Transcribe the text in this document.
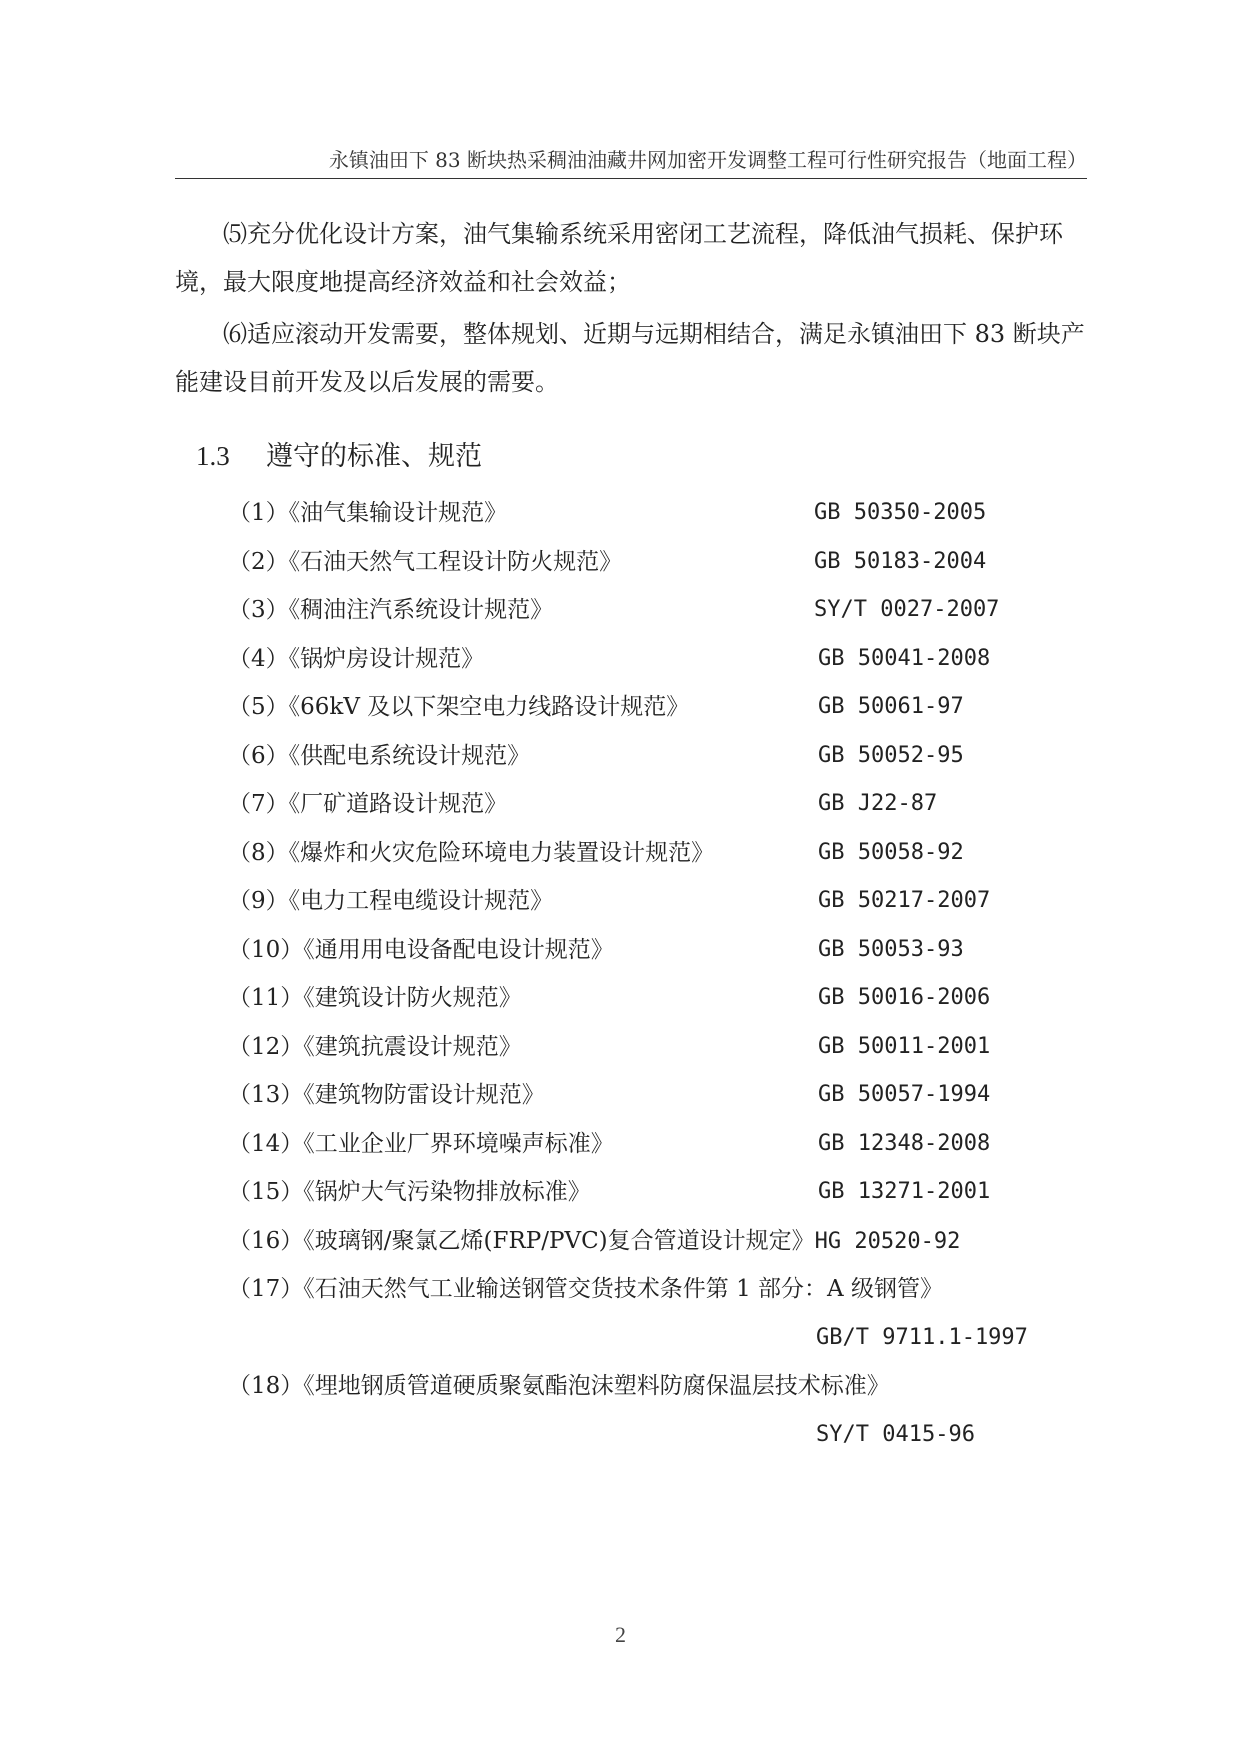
永镇油田下 83 断块热采稠油油藏井网加密开发调整工程可行性研究报告（地面工程）

⑸充分优化设计方案，油气集输系统采用密闭工艺流程，降低油气损耗、保护环境，最大限度地提高经济效益和社会效益；

⑹适应滚动开发需要，整体规划、近期与远期相结合，满足永镇油田下 83 断块产能建设目前开发及以后发展的需要。

1.3 遵守的标准、规范
（1）《油气集输设计规范》	GB 50350-2005
（2）《石油天然气工程设计防火规范》	GB 50183-2004
（3）《稠油注汽系统设计规范》	SY/T 0027-2007
（4）《锅炉房设计规范》	GB 50041-2008
（5）《66kV 及以下架空电力线路设计规范》	GB 50061-97
（6）《供配电系统设计规范》	GB 50052-95
（7）《厂矿道路设计规范》	GB J22-87
（8）《爆炸和火灾危险环境电力装置设计规范》	GB 50058-92
（9）《电力工程电缆设计规范》	GB 50217-2007
（10）《通用用电设备配电设计规范》	GB 50053-93
（11）《建筑设计防火规范》	GB 50016-2006
（12）《建筑抗震设计规范》	GB 50011-2001
（13）《建筑物防雷设计规范》	GB 50057-1994
（14）《工业企业厂界环境噪声标准》	GB 12348-2008
（15）《锅炉大气污染物排放标准》	GB 13271-2001
（16）《玻璃钢/聚氯乙烯(FRP/PVC)复合管道设计规定》HG 20520-92
（17）《石油天然气工业输送钢管交货技术条件第 1 部分：A 级钢管》
GB/T 9711.1-1997
（18）《埋地钢质管道硬质聚氨酯泡沫塑料防腐保温层技术标准》
SY/T 0415-96
2
